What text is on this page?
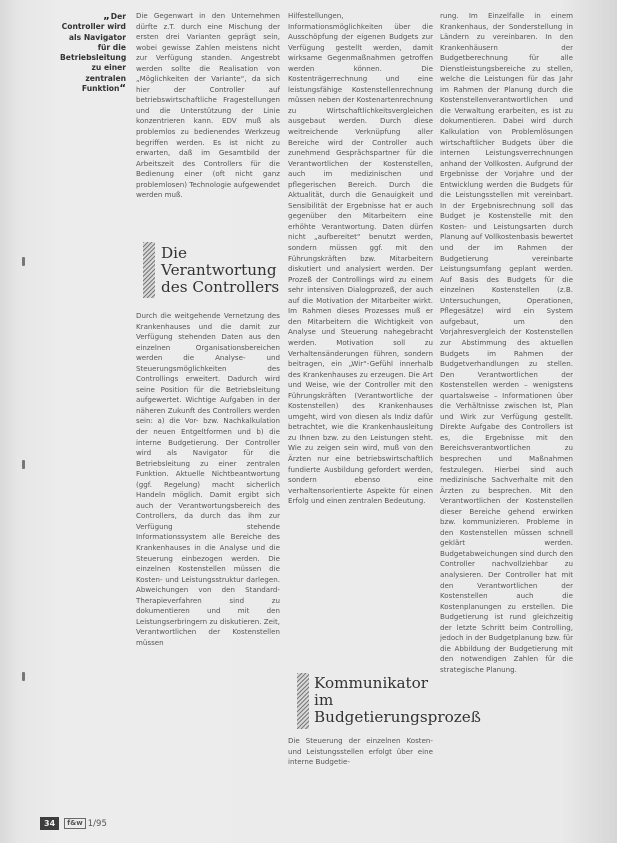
„Der Controller wird als Navigator für die Betriebsleitung zu einer zentralen Funktion“

Die Gegenwart in den Unternehmen dürfte z.T. durch eine Mischung der ersten drei Varianten geprägt sein, wobei gewisse Zahlen meistens nicht zur Verfügung standen. Angestrebt werden sollte die Realisation von „Möglichkeiten der Variante“, da sich hier der Controller auf betriebswirtschaftliche Fragestellungen und die Unterstützung der Linie konzentrieren kann. EDV muß als problemlos zu bedienendes Werkzeug begriffen werden. Es ist nicht zu erwarten, daß im Gesamtbild der Arbeitszeit des Controllers für die Bedienung einer (oft nicht ganz problemlosen) Technologie aufgewendet werden muß.

Die Verantwortung des Controllers

Durch die weitgehende Vernetzung des Krankenhauses und die damit zur Verfügung stehenden Daten aus den einzelnen Organisationsbereichen werden die Analyse- und Steuerungsmöglichkeiten des Controllings erweitert. Dadurch wird seine Position für die Betriebsleitung aufgewertet. Wichtige Aufgaben in der näheren Zukunft des Controllers werden sein: a) die Vor- bzw. Nachkalkulation der neuen Entgeltformen und b) die interne Budgetierung. Der Controller wird als Navigator für die Betriebsleitung zu einer zentralen Funktion. Aktuelle Nichtbeantwortung (ggf. Regelung) macht sicherlich Handeln möglich. Damit ergibt sich auch der Verantwortungsbereich des Controllers, da durch das ihm zur Verfügung stehende Informationssystem alle Bereiche des Krankenhauses in die Analyse und die Steuerung einbezogen werden. Die einzelnen Kostenstellen müssen die Kosten- und Leistungsstruktur darlegen. Abweichungen von den Standard-Therapieverfahren sind zu dokumentieren und mit den Leistungserbringern zu diskutieren. Zeit, Verantwortlichen der Kostenstellen müssen

Hilfestellungen, Informationsmöglichkeiten über die Ausschöpfung der eigenen Budgets zur Verfügung gestellt werden, damit wirksame Gegenmaßnahmen getroffen werden können. Die Kostenträgerrechnung und eine leistungsfähige Kostenstellenrechnung müssen neben der Kostenartenrechnung zu Wirtschaftlichkeitsvergleichen ausgebaut werden. Durch diese weitreichende Verknüpfung aller Bereiche wird der Controller auch zunehmend Gesprächspartner für die Verantwortlichen der Kostenstellen, auch im medizinischen und pflegerischen Bereich. Durch die Aktualität, durch die Genauigkeit und Sensibilität der Ergebnisse hat er auch gegenüber den Mitarbeitern eine erhöhte Verantwortung. Daten dürfen nicht „aufbereitet“ benutzt werden, sondern müssen ggf. mit den Führungskräften bzw. Mitarbeitern diskutiert und analysiert werden. Der Prozeß der Controllings wird zu einem sehr intensiven Dialogprozeß, der auch auf die Motivation der Mitarbeiter wirkt. Im Rahmen dieses Prozesses muß er den Mitarbeitern die Wichtigkeit von Analyse und Steuerung nahegebracht werden. Motivation soll zu Verhaltensänderungen führen, sondern beitragen, ein „Wir“-Gefühl innerhalb des Krankenhauses zu erzeugen. Die Art und Weise, wie der Controller mit den Führungskräften (Verantwortliche der Kostenstellen) des Krankenhauses umgeht, wird von diesen als Indiz dafür betrachtet, wie die Krankenhausleitung zu Ihnen bzw. zu den Leistungen steht. Wie zu zeigen sein wird, muß von den Ärzten nur eine betriebswirtschaftlich fundierte Ausbildung gefordert werden, sondern ebenso eine verhaltensorientierte Aspekte für einen Erfolg und einen zentralen Bedeutung.

Kommunikator im Budgetierungsprozeß

Die Steuerung der einzelnen Kosten- und Leistungsstellen erfolgt über eine interne Budgetie-

rung. Im Einzelfalle in einem Krankenhaus, der Sonderstellung in Ländern zu vereinbaren. In den Krankenhäusern der Budgetberechnung für alle Dienstleistungsbereiche zu stellen, welche die Leistungen für das Jahr im Rahmen der Planung durch die Kostenstellenverantwortlichen und die Verwaltung erarbeiten, es ist zu dokumentieren. Dabei wird durch Kalkulation von Problemlösungen wirtschaftlicher Budgets über die internen Leistungsverrechnungen anhand der Vollkosten. Aufgrund der Ergebnisse der Vorjahre und der Entwicklung werden die Budgets für die Leistungsstellen mit vereinbart. In der Ergebnisrechnung soll das Budget je Kostenstelle mit den Kosten- und Leistungsarten durch Planung auf Vollkostenbasis bewertet und der im Rahmen der Budgetierung vereinbarte Leistungsumfang geplant werden. Auf Basis des Budgets für die einzelnen Kostenstellen (z.B. Untersuchungen, Operationen, Pflegesätze) wird ein System aufgebaut, um den Vorjahresvergleich der Kostenstellen zur Abstimmung des aktuellen Budgets im Rahmen der Budgetverhandlungen zu stellen. Den Verantwortlichen der Kostenstellen werden – wenigstens quartalsweise – Informationen über die Verhältnisse zwischen Ist, Plan und Wirk zur Verfügung gestellt. Direkte Aufgabe des Controllers ist es, die Ergebnisse mit den Bereichsverantwortlichen zu besprechen und Maßnahmen festzulegen. Hierbei sind auch medizinische Sachverhalte mit den Ärzten zu besprechen. Mit den Verantwortlichen der Kostenstellen dieser Bereiche gehend erwirken bzw. kommunizieren. Probleme in den Kostenstellen müssen schnell geklärt werden. Budgetabweichungen sind durch den Controller nachvollziehbar zu analysieren. Der Controller hat mit den Verantwortlichen der Kostenstellen auch die Kostenplanungen zu erstellen. Die Budgetierung ist rund gleichzeitig der letzte Schritt beim Controlling, jedoch in der Budgetplanung bzw. für die Abbildung der Budgetierung mit den notwendigen Zahlen für die strategische Planung.

34	f&w 1/95
